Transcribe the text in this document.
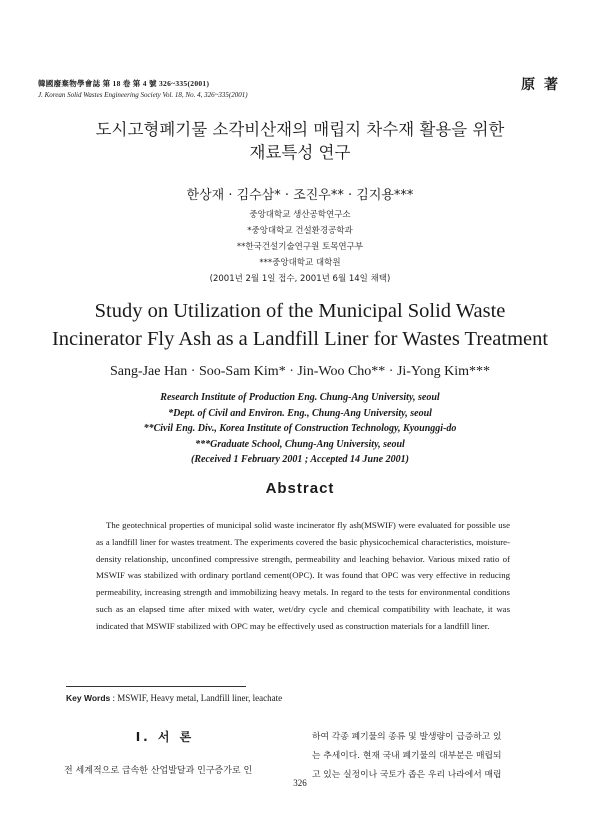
韓國廢棄物學會誌 第 18 卷 第 4 號 326~335(2001)
J. Korean Solid Wastes Engineering Society Vol. 18, No. 4, 326~335(2001)
原 著
도시고형폐기물 소각비산재의 매립지 차수재 활용을 위한
재료특성 연구
한상재 · 김수삼* · 조진우** · 김지용***
중앙대학교 생산공학연구소
*중앙대학교 건설환경공학과
**한국건설기술연구원 토목연구부
***중앙대학교 대학원
(2001년 2월 1일 접수, 2001년 6월 14일 채택)
Study on Utilization of the Municipal Solid Waste
Incinerator Fly Ash as a Landfill Liner for Wastes Treatment
Sang-Jae Han · Soo-Sam Kim* · Jin-Woo Cho** · Ji-Yong Kim***
Research Institute of Production Eng. Chung-Ang University, seoul
*Dept. of Civil and Environ. Eng., Chung-Ang University, seoul
**Civil Eng. Div., Korea Institute of Construction Technology, Kyounggi-do
***Graduate School, Chung-Ang University, seoul
(Received 1 February 2001 ; Accepted 14 June 2001)
Abstract
The geotechnical properties of municipal solid waste incinerator fly ash(MSWIF) were evaluated for possible use as a landfill liner for wastes treatment. The experiments covered the basic physicochemical characteristics, moisture-density relationship, unconfined compressive strength, permeability and leaching behavior. Various mixed ratio of MSWIF was stabilized with ordinary portland cement(OPC). It was found that OPC was very effective in reducing permeability, increasing strength and immobilizing heavy metals. In regard to the tests for environmental conditions such as an elapsed time after mixed with water, wet/dry cycle and chemical compatibility with leachate, it was indicated that MSWIF stabilized with OPC may be effectively used as construction materials for a landfill liner.
Key Words : MSWIF, Heavy metal, Landfill liner, leachate
Ⅰ. 서 론
전 세계적으로 급속한 산업발달과 인구증가로 인
하여 각종 폐기물의 종류 및 발생량이 급증하고 있
는 추세이다. 현재 국내 폐기물의 대부분은 매립되
고 있는 실정이나 국토가 좁은 우리 나라에서 매립
326
